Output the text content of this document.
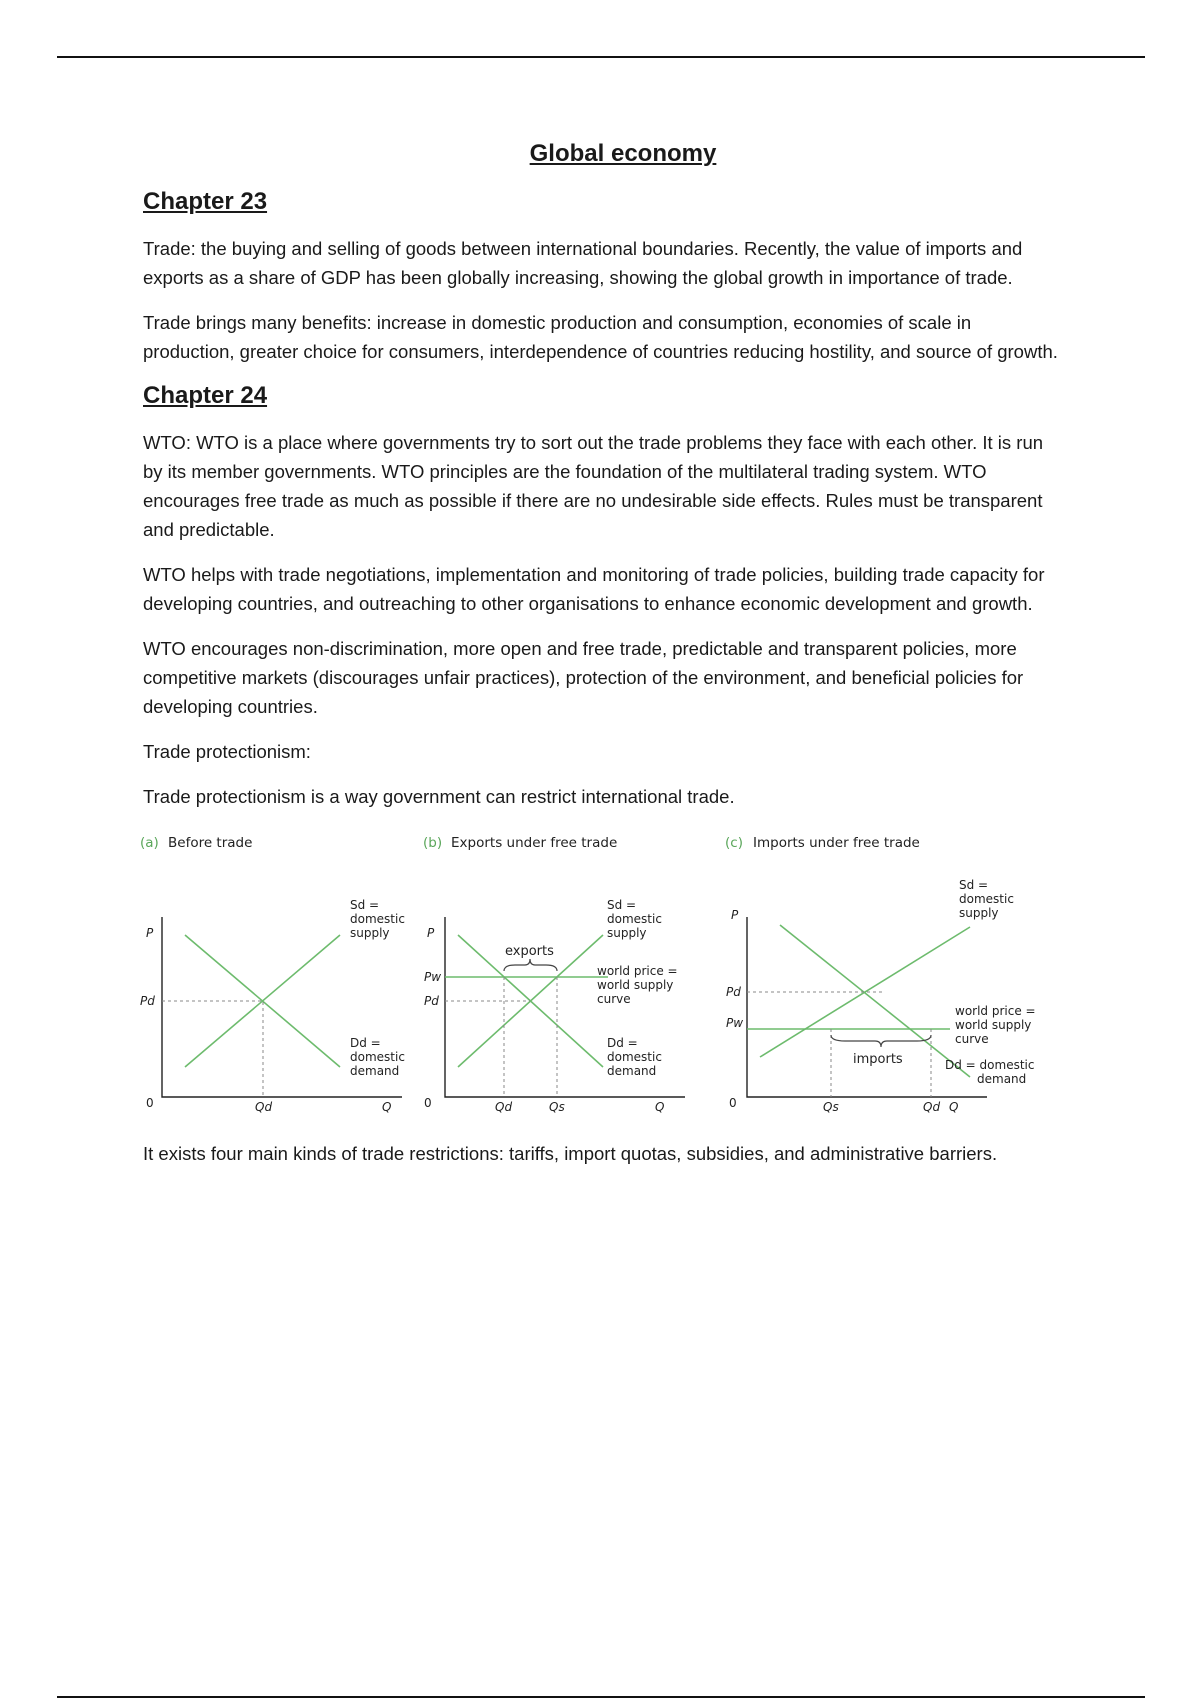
Global economy
Chapter 23

Trade: the buying and selling of goods between international boundaries. Recently, the value of imports and exports as a share of GDP has been globally increasing, showing the global growth in importance of trade.

Trade brings many benefits: increase in domestic production and consumption, economies of scale in production, greater choice for consumers, interdependence of countries reducing hostility, and source of growth.

Chapter 24

WTO: WTO is a place where governments try to sort out the trade problems they face with each other. It is run by its member governments. WTO principles are the foundation of the multilateral trading system. WTO encourages free trade as much as possible if there are no undesirable side effects. Rules must be transparent and predictable.

WTO helps with trade negotiations, implementation and monitoring of trade policies, building trade capacity for developing countries, and outreaching to other organisations to enhance economic development and growth.

WTO encourages non-discrimination, more open and free trade, predictable and transparent policies, more competitive markets (discourages unfair practices), protection of the environment, and beneficial policies for developing countries.

Trade protectionism:

Trade protectionism is a way government can restrict international trade.

(a) Before trade
P
Pd
0	Qd	Q
Sd =
domestic
supply
Dd =
domestic
demand
(b) Exports under free trade
exports
P
Pw
Pd
0	Qd	Qs	Q
Sd =
domestic
supply
world price =
world supply
curve
Dd =
domestic
demand
(c) Imports under free trade
imports
P
Pd
Pw
0	Qs	Qd Q
Sd =
domestic
supply
world price =
world supply
curve
Dd = domestic
demand

It exists four main kinds of trade restrictions: tariffs, import quotas, subsidies, and administrative barriers.
